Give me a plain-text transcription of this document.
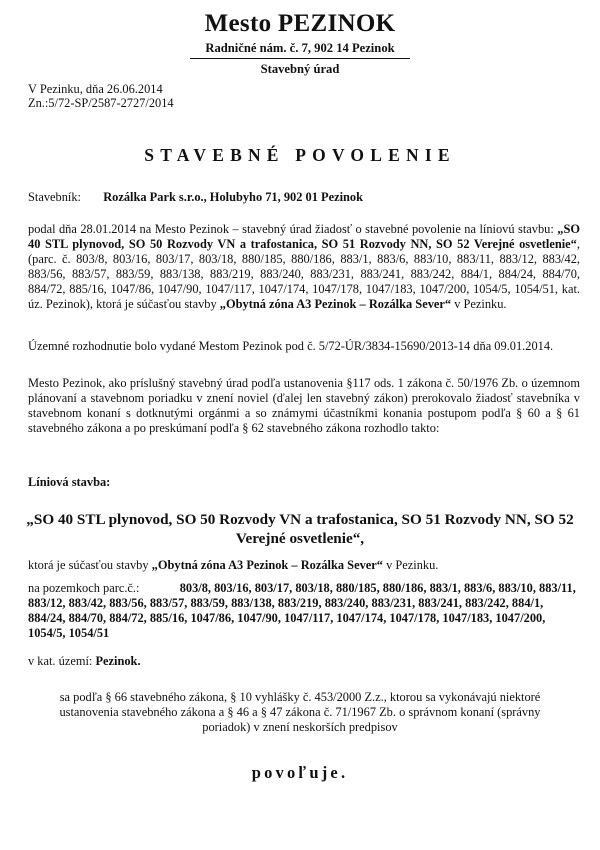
Mesto PEZINOK
Radničné nám. č. 7, 902 14 Pezinok
Stavebný úrad
V Pezinku, dňa 26.06.2014
Zn.:5/72-SP/2587-2727/2014
STAVEBNÉ POVOLENIE
Stavebník: Rozálka Park s.r.o., Holubyho 71, 902 01 Pezinok

podal dňa 28.01.2014 na Mesto Pezinok – stavebný úrad žiadosť o stavebné povolenie na líniovú stavbu: „SO 40 STL plynovod, SO 50 Rozvody VN a trafostanica, SO 51 Rozvody NN, SO 52 Verejné osvetlenie“, (parc. č. 803/8, 803/16, 803/17, 803/18, 880/185, 880/186, 883/1, 883/6, 883/10, 883/11, 883/12, 883/42, 883/56, 883/57, 883/59, 883/138, 883/219, 883/240, 883/231, 883/241, 883/242, 884/1, 884/24, 884/70, 884/72, 885/16, 1047/86, 1047/90, 1047/117, 1047/174, 1047/178, 1047/183, 1047/200, 1054/5, 1054/51, kat. úz. Pezinok), ktorá je súčasťou stavby „Obytná zóna A3 Pezinok – Rozálka Sever“ v Pezinku.

Územné rozhodnutie bolo vydané Mestom Pezinok pod č. 5/72-ÚR/3834-15690/2013-14 dňa 09.01.2014.

Mesto Pezinok, ako príslušný stavebný úrad podľa ustanovenia §117 ods. 1 zákona č. 50/1976 Zb. o územnom plánovaní a stavebnom poriadku v znení noviel (ďalej len stavebný zákon) prerokovalo žiadosť stavebníka v stavebnom konaní s dotknutými orgánmi a so známymi účastníkmi konania postupom podľa § 60 a § 61 stavebného zákona a po preskúmaní podľa § 62 stavebného zákona rozhodlo takto:

Líniová stavba:
„SO 40 STL plynovod, SO 50 Rozvody VN a trafostanica, SO 51 Rozvody NN, SO 52 Verejné osvetlenie“,
ktorá je súčasťou stavby „Obytná zóna A3 Pezinok – Rozálka Sever“ v Pezinku.
na pozemkoch parc.č.:	803/8, 803/16, 803/17, 803/18, 880/185, 880/186, 883/1, 883/6, 883/10, 883/11, 883/12, 883/42, 883/56, 883/57, 883/59, 883/138, 883/219, 883/240, 883/231, 883/241, 883/242, 884/1, 884/24, 884/70, 884/72, 885/16, 1047/86, 1047/90, 1047/117, 1047/174, 1047/178, 1047/183, 1047/200, 1054/5, 1054/51
v kat. území: Pezinok.

sa podľa § 66 stavebného zákona, § 10 vyhlášky č. 453/2000 Z.z., ktorou sa vykonávajú niektoré ustanovenia stavebného zákona a § 46 a § 47 zákona č. 71/1967 Zb. o správnom konaní (správny poriadok) v znení neskorších predpisov

povoľuje.
